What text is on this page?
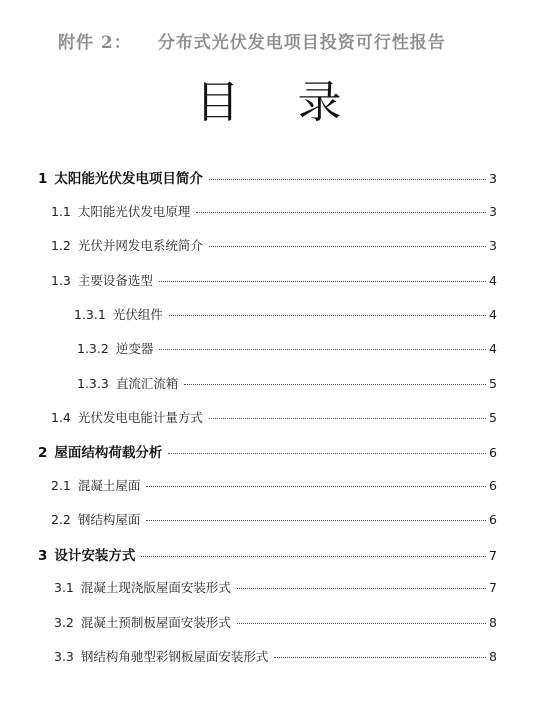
附件 2： 分布式光伏发电项目投资可行性报告
目 录
1 太阳能光伏发电项目简介	3
1.1 太阳能光伏发电原理	3
1.2 光伏并网发电系统简介	3
1.3 主要设备选型	4
1.3.1 光伏组件	4
1.3.2 逆变器	4
1.3.3 直流汇流箱	5
1.4 光伏发电电能计量方式	5
2 屋面结构荷载分析	6
2.1 混凝土屋面	6
2.2 钢结构屋面	6
3 设计安装方式	7
3.1 混凝土现浇版屋面安装形式	7
3.2 混凝土预制板屋面安装形式	8
3.3 钢结构角驰型彩钢板屋面安装形式	8
